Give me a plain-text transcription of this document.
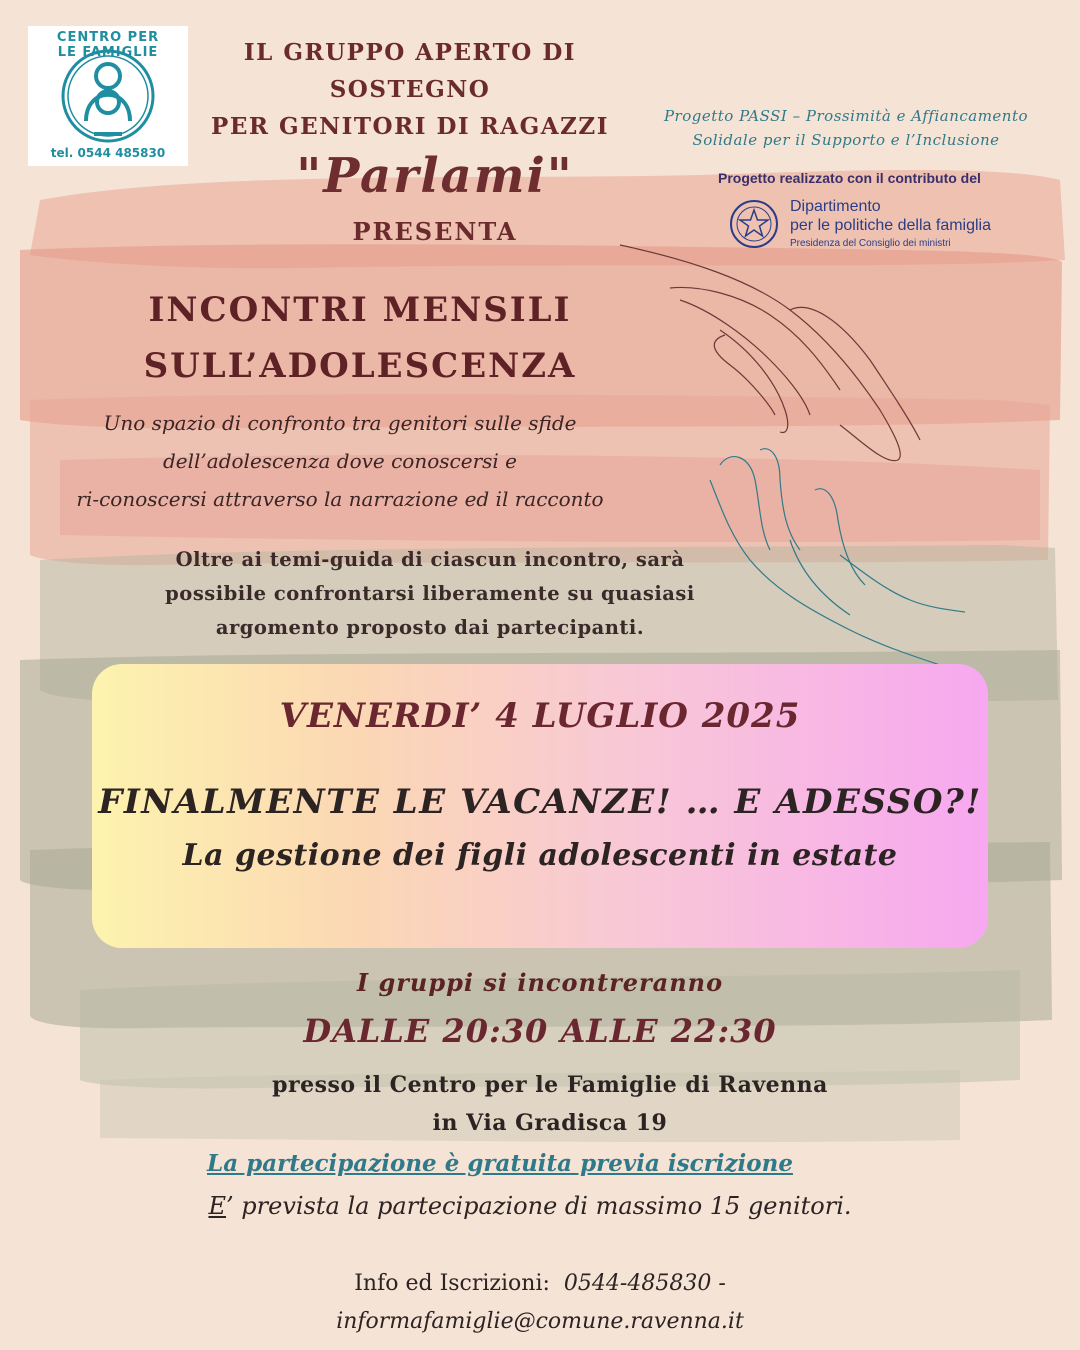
CENTRO PER LE FAMIGLIE
tel. 0544 485830
IL GRUPPO APERTO DI
SOSTEGNO
PER GENITORI DI RAGAZZI
"Parlami"
PRESENTA
Progetto PASSI – Prossimità e Affiancamento
Solidale per il Supporto e l’Inclusione
Progetto realizzato con il contributo del
Dipartimento
per le politiche della famiglia
Presidenza del Consiglio dei ministri
INCONTRI MENSILI
SULL’ADOLESCENZA
Uno spazio di confronto tra genitori sulle sfide
dell’adolescenza dove conoscersi e
ri-conoscersi attraverso la narrazione ed il racconto
Oltre ai temi-guida di ciascun incontro, sarà
possibile confrontarsi liberamente su quasiasi
argomento proposto dai partecipanti.
VENERDI’ 4 LUGLIO 2025
FINALMENTE LE VACANZE! … E ADESSO?!
La gestione dei figli adolescenti in estate
I gruppi si incontreranno
DALLE 20:30 ALLE 22:30
presso il Centro per le Famiglie di Ravenna
in Via Gradisca 19
La partecipazione è gratuita previa iscrizione
E’ prevista la partecipazione di massimo 15 genitori.
Info ed Iscrizioni: 0544-485830 -
informafamiglie@comune.ravenna.it
